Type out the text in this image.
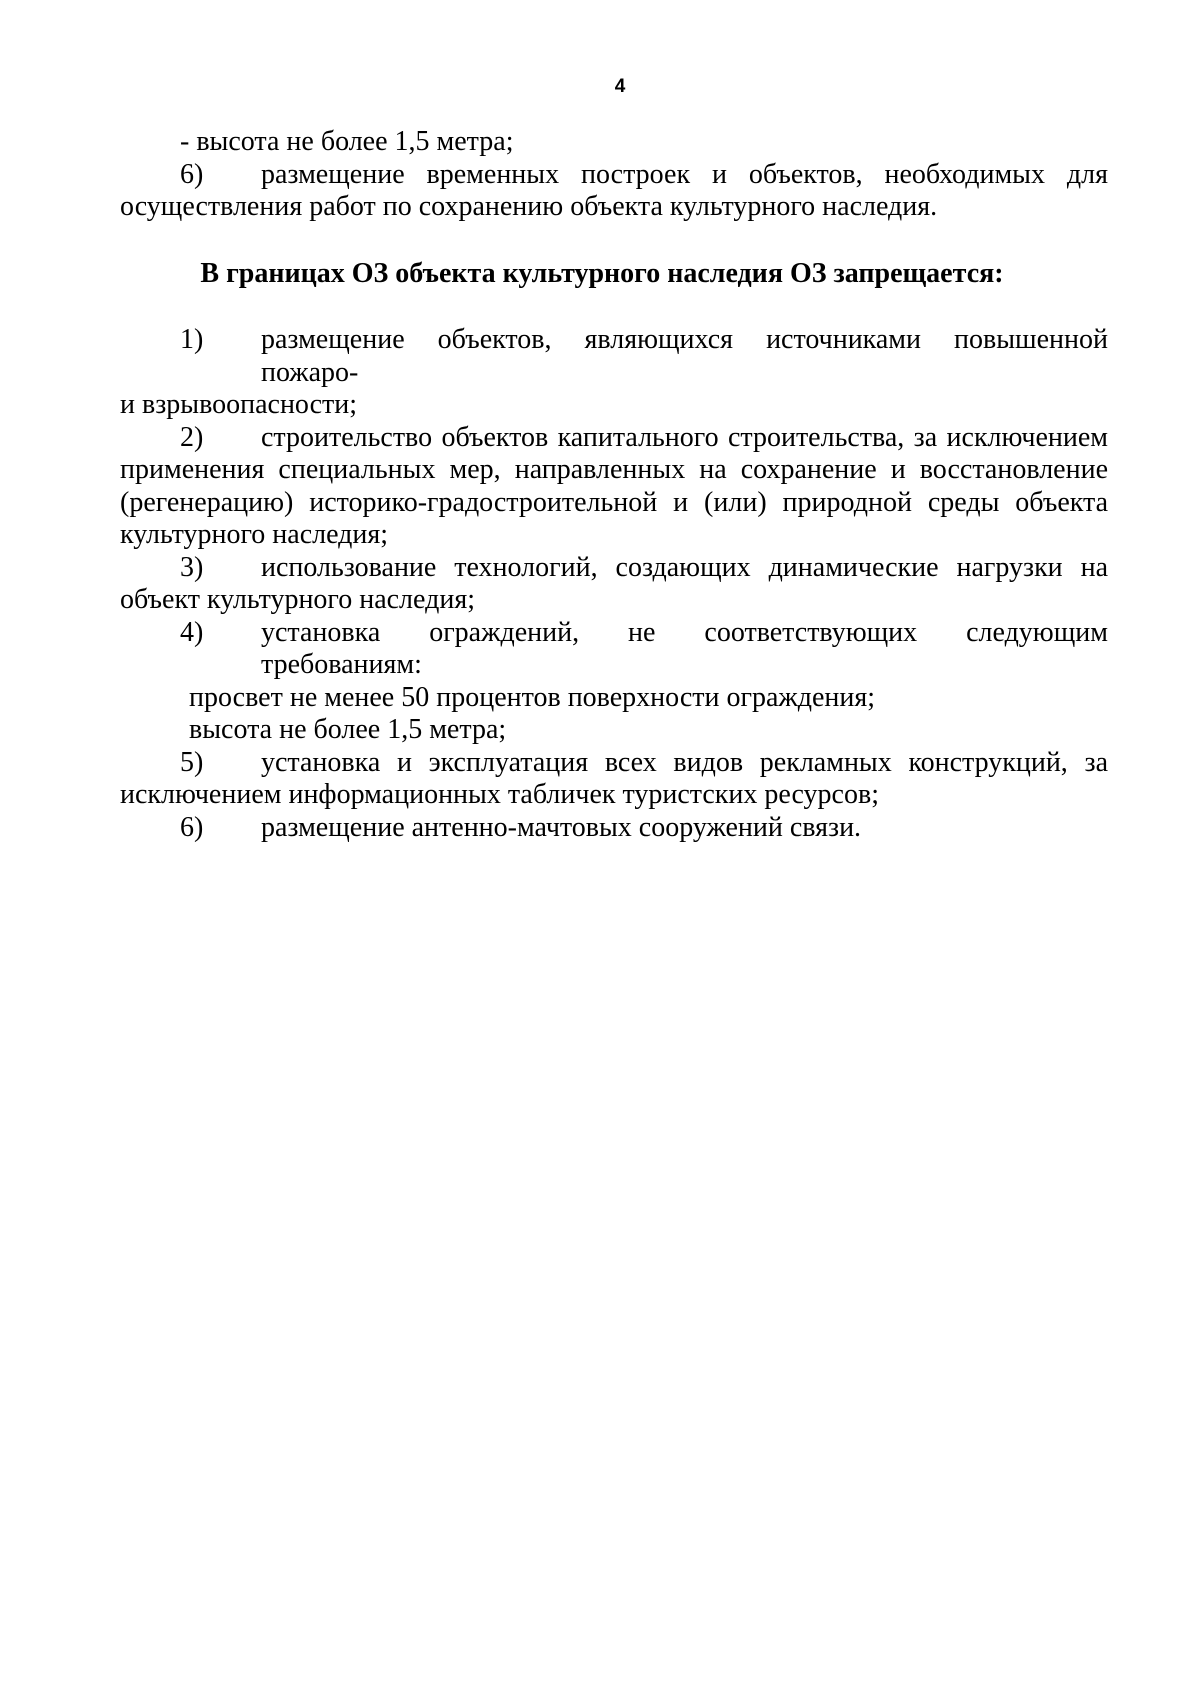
4
- высота не более 1,5 метра;
6)	размещение временных построек и объектов, необходимых для
осуществления работ по сохранению объекта культурного наследия.
В границах ОЗ объекта культурного наследия ОЗ запрещается:
1)	размещение объектов, являющихся источниками повышенной пожаро-
и взрывоопасности;
2)	строительство объектов капитального строительства, за исключением
применения специальных мер, направленных на сохранение и восстановление
(регенерацию) историко-градостроительной и (или) природной среды объекта
культурного наследия;
3)	использование технологий, создающих динамические нагрузки на
объект культурного наследия;
4)	установка ограждений, не соответствующих следующим требованиям:
просвет не менее 50 процентов поверхности ограждения;
высота не более 1,5 метра;
5)	установка и эксплуатация всех видов рекламных конструкций, за
исключением информационных табличек туристских ресурсов;
6)	размещение антенно-мачтовых сооружений связи.
